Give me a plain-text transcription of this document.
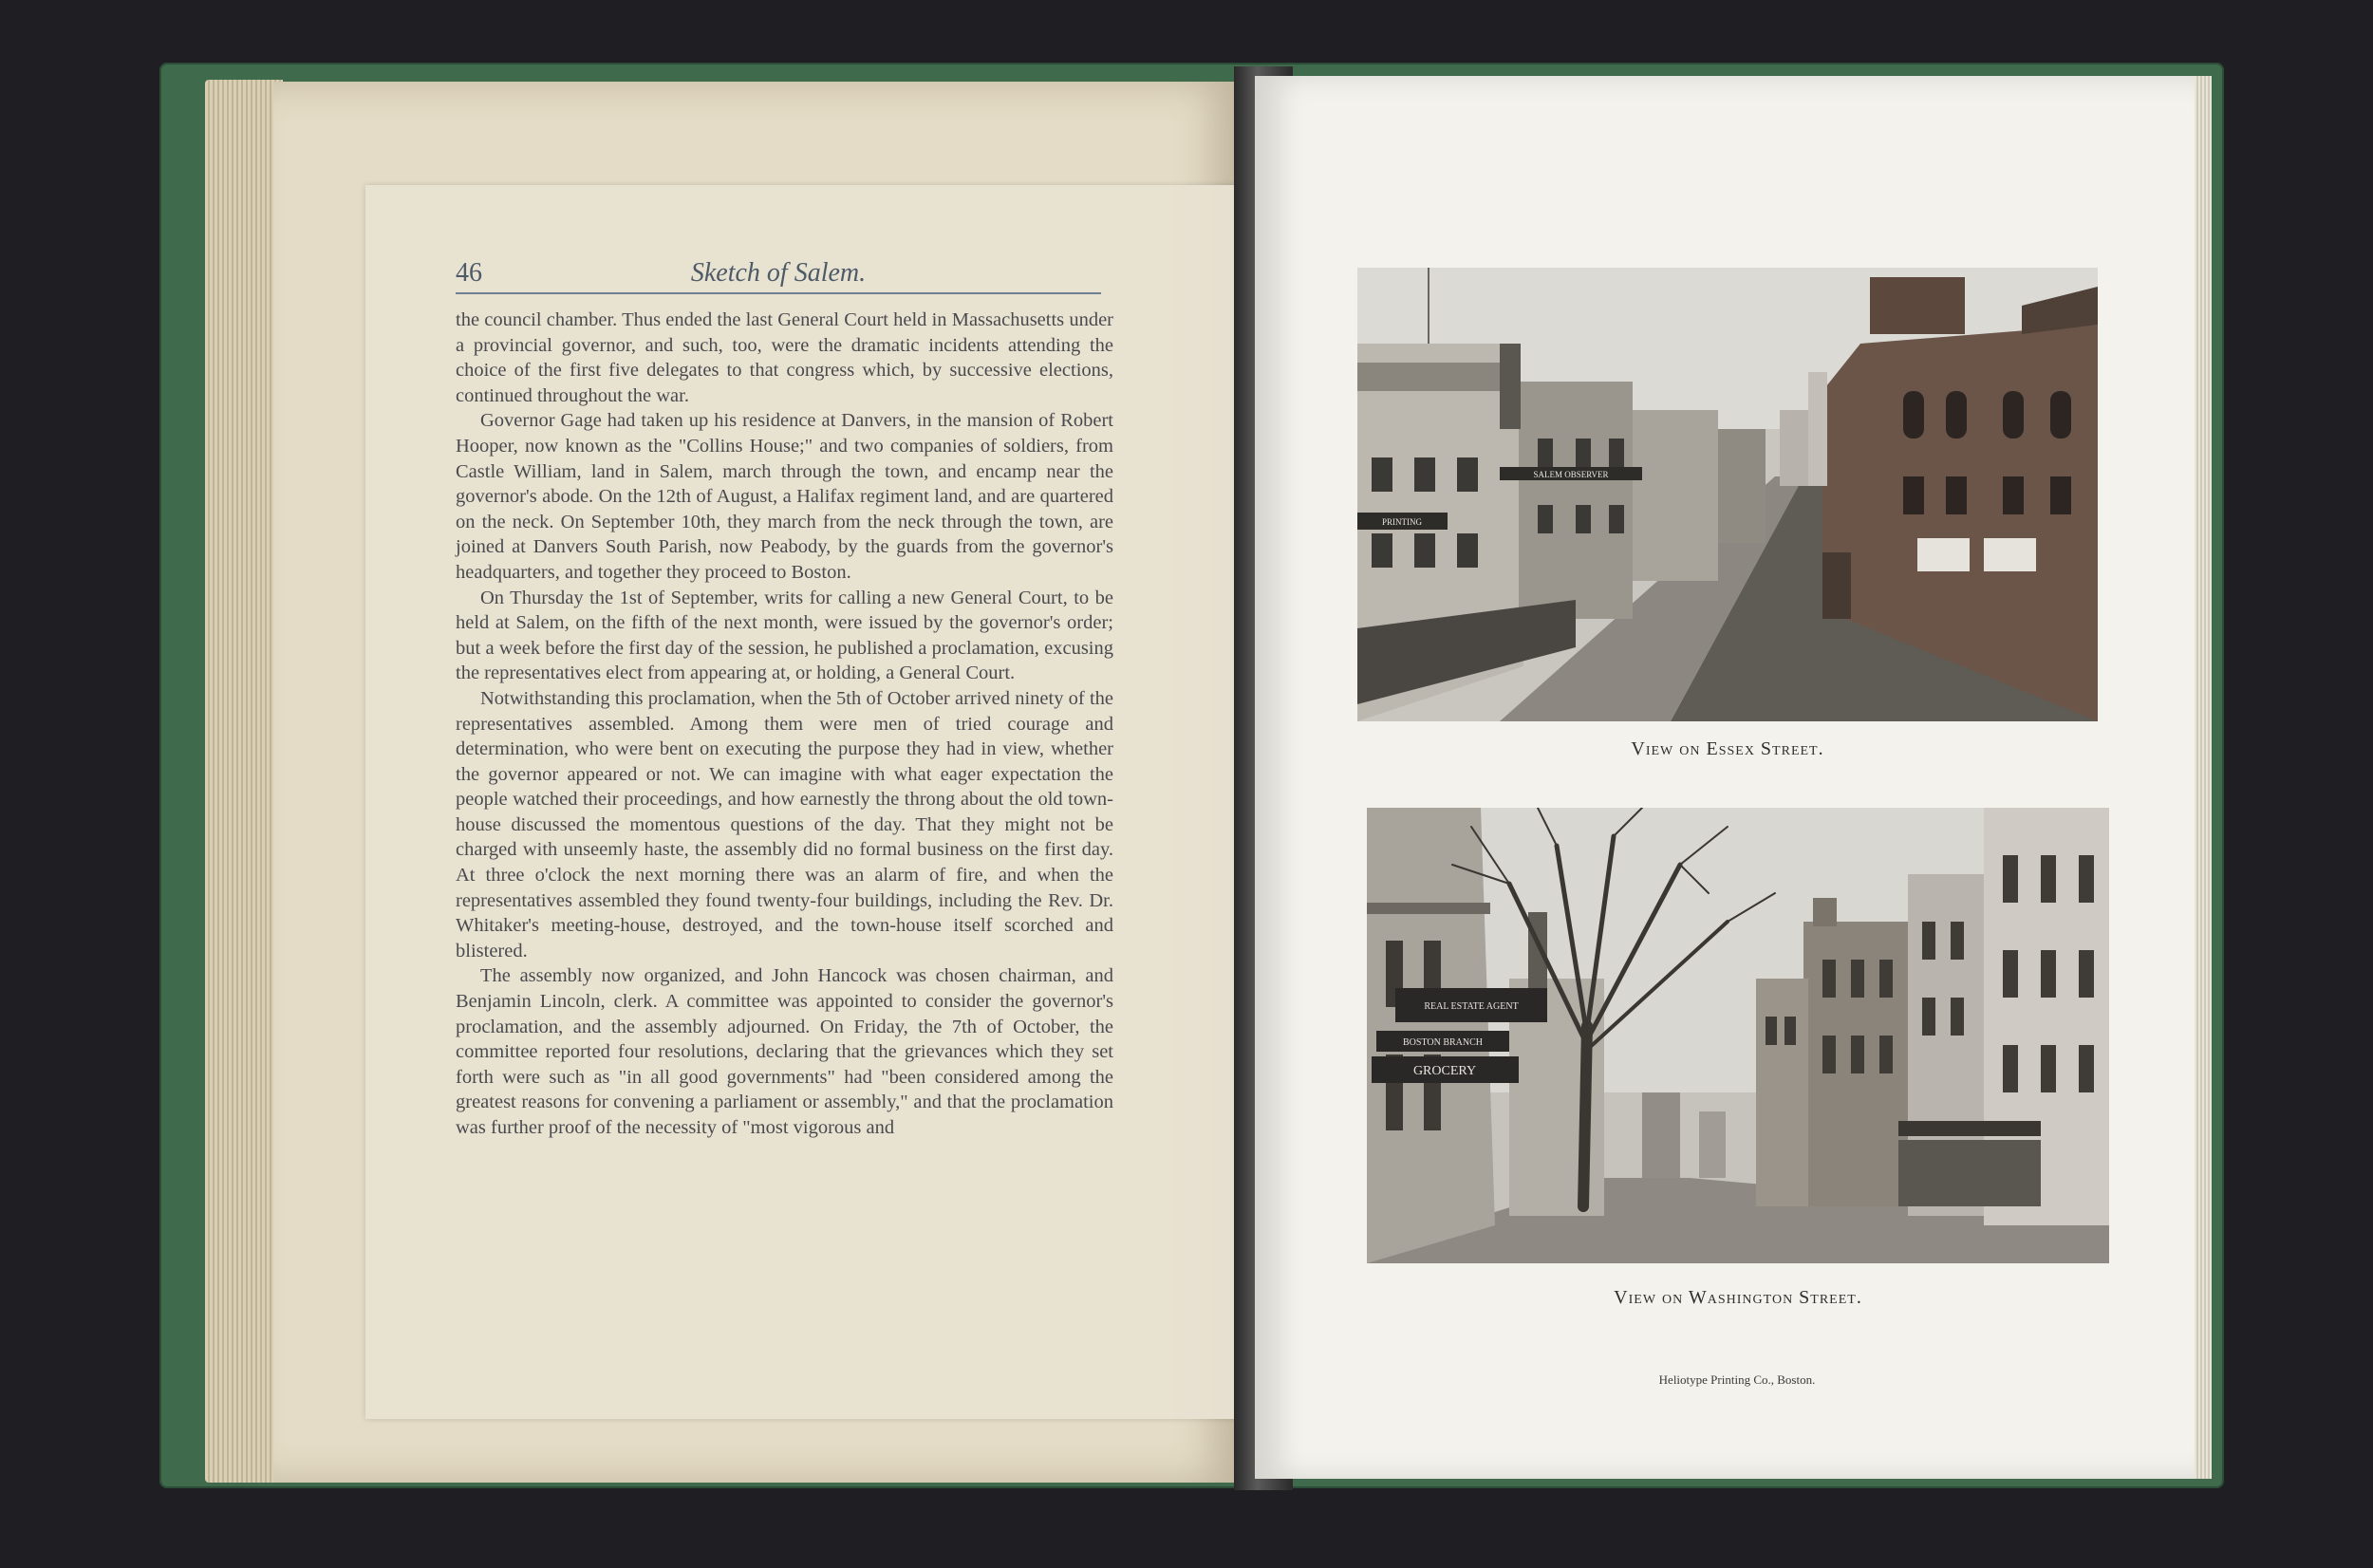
46	Sketch of Salem.

the council chamber. Thus ended the last General Court held in Massachusetts under a provincial governor, and such, too, were the dramatic incidents attending the choice of the first five delegates to that congress which, by successive elections, continued throughout the war.

Governor Gage had taken up his residence at Danvers, in the mansion of Robert Hooper, now known as the "Collins House;" and two companies of soldiers, from Castle William, land in Salem, march through the town, and encamp near the governor's abode. On the 12th of August, a Halifax regiment land, and are quartered on the neck. On September 10th, they march from the neck through the town, are joined at Danvers South Parish, now Peabody, by the guards from the governor's headquarters, and together they proceed to Boston.

On Thursday the 1st of September, writs for calling a new General Court, to be held at Salem, on the fifth of the next month, were issued by the governor's order; but a week before the first day of the session, he published a proclamation, excusing the representatives elect from appearing at, or holding, a General Court.

Notwithstanding this proclamation, when the 5th of October arrived ninety of the representatives assembled. Among them were men of tried courage and determination, who were bent on executing the purpose they had in view, whether the governor appeared or not. We can imagine with what eager expectation the people watched their proceedings, and how earnestly the throng about the old town-house discussed the momentous questions of the day. That they might not be charged with unseemly haste, the assembly did no formal business on the first day. At three o'clock the next morning there was an alarm of fire, and when the representatives assembled they found twenty-four buildings, including the Rev. Dr. Whitaker's meeting-house, destroyed, and the town-house itself scorched and blistered.

The assembly now organized, and John Hancock was chosen chairman, and Benjamin Lincoln, clerk. A committee was appointed to consider the governor's proclamation, and the assembly adjourned. On Friday, the 7th of October, the committee reported four resolutions, declaring that the grievances which they set forth were such as "in all good governments" had "been considered among the greatest reasons for convening a parliament or assembly," and that the proclamation was further proof of the necessity of "most vigorous and

SALEM OBSERVER
PRINTING
View on Essex Street.
REAL ESTATE AGENT
BOSTON BRANCH
GROCERY
View on Washington Street.
Heliotype Printing Co., Boston.
